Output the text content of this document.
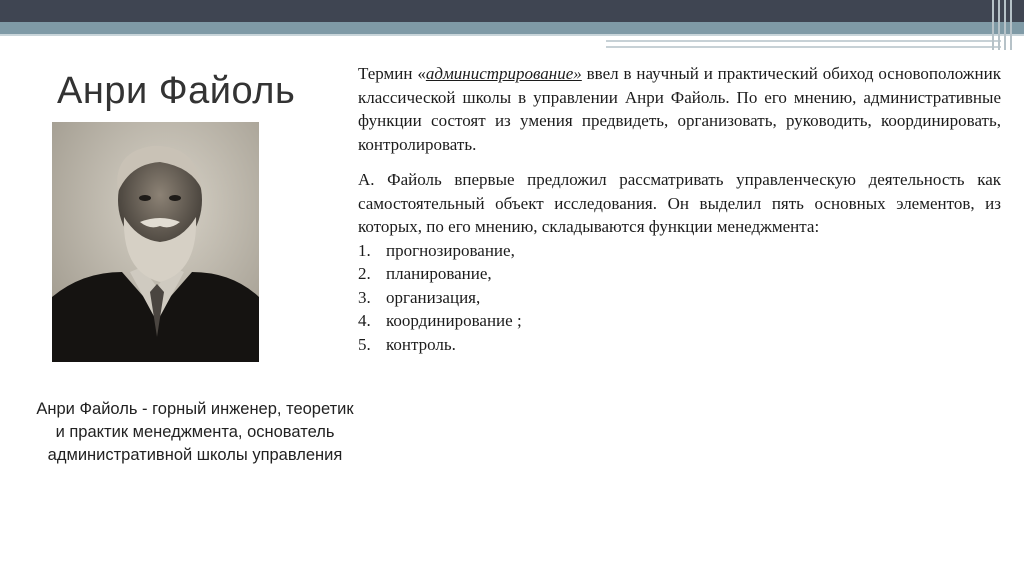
Анри Файоль
Анри Файоль - горный инженер, теоретик и практик менеджмента, основатель административной школы управления

Термин «администрирование» ввел в научный и практический обиход основоположник классической школы в управлении Анри Файоль. По его мнению, административные функции состоят из умения предвидеть, организовать, руководить, координировать, контролировать.

А. Файоль впервые предложил рассматривать управленческую деятельность как самостоятельный объект исследования. Он выделил пять основных элементов, из которых, по его мнению, складываются функции менеджмента:

1. прогнозирование,
2. планирование,
3. организация,
4. координирование ;
5. контроль.
